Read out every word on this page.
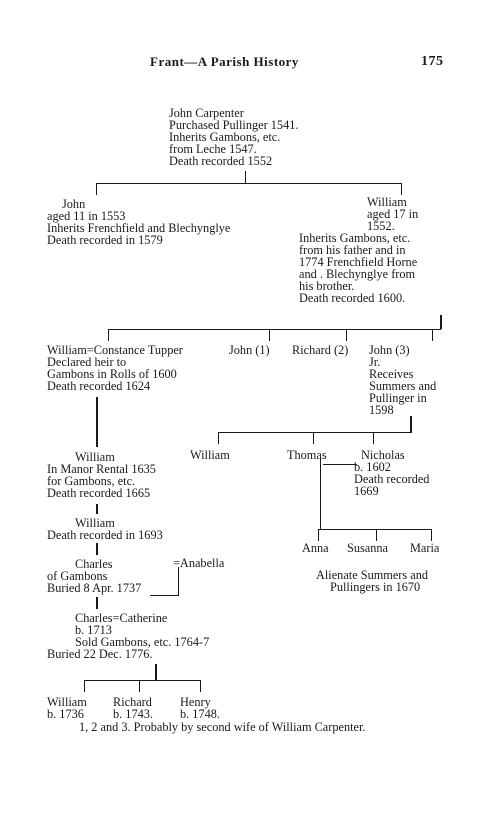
Frant—A Parish History	175
John Carpenter
Purchased Pullinger 1541.
Inherits Gambons, etc.
from Leche 1547.
Death recorded 1552
John
aged 11 in 1553
Inherits Frenchfield and Blechynglye
Death recorded in 1579
William
aged 17 in
1552.
Inherits Gambons, etc.
from his father and in
1774 Frenchfield Horne
and . Blechynglye from
his brother.
Death recorded 1600.
William=Constance Tupper
Declared heir to
Gambons in Rolls of 1600
Death recorded 1624
John (1) Richard (2) John (3)
Jr.
Receives
Summers and
Pullinger in
1598
William
In Manor Rental 1635
for Gambons, etc.
Death recorded 1665
William	Thomas	Nicholas
b. 1602
Death recorded
1669
William
Death recorded in 1693
Charles
of Gambons
Buried 8 Apr. 1737
=Anabella
Anna Susanna Maria
Alienate Summers and
Pullingers in 1670
Charles=Catherine
b. 1713
Sold Gambons, etc. 1764-7
Buried 22 Dec. 1776.
William
b. 1736
Richard
b. 1743.
Henry
b. 1748.
1, 2 and 3. Probably by second wife of William Carpenter.
